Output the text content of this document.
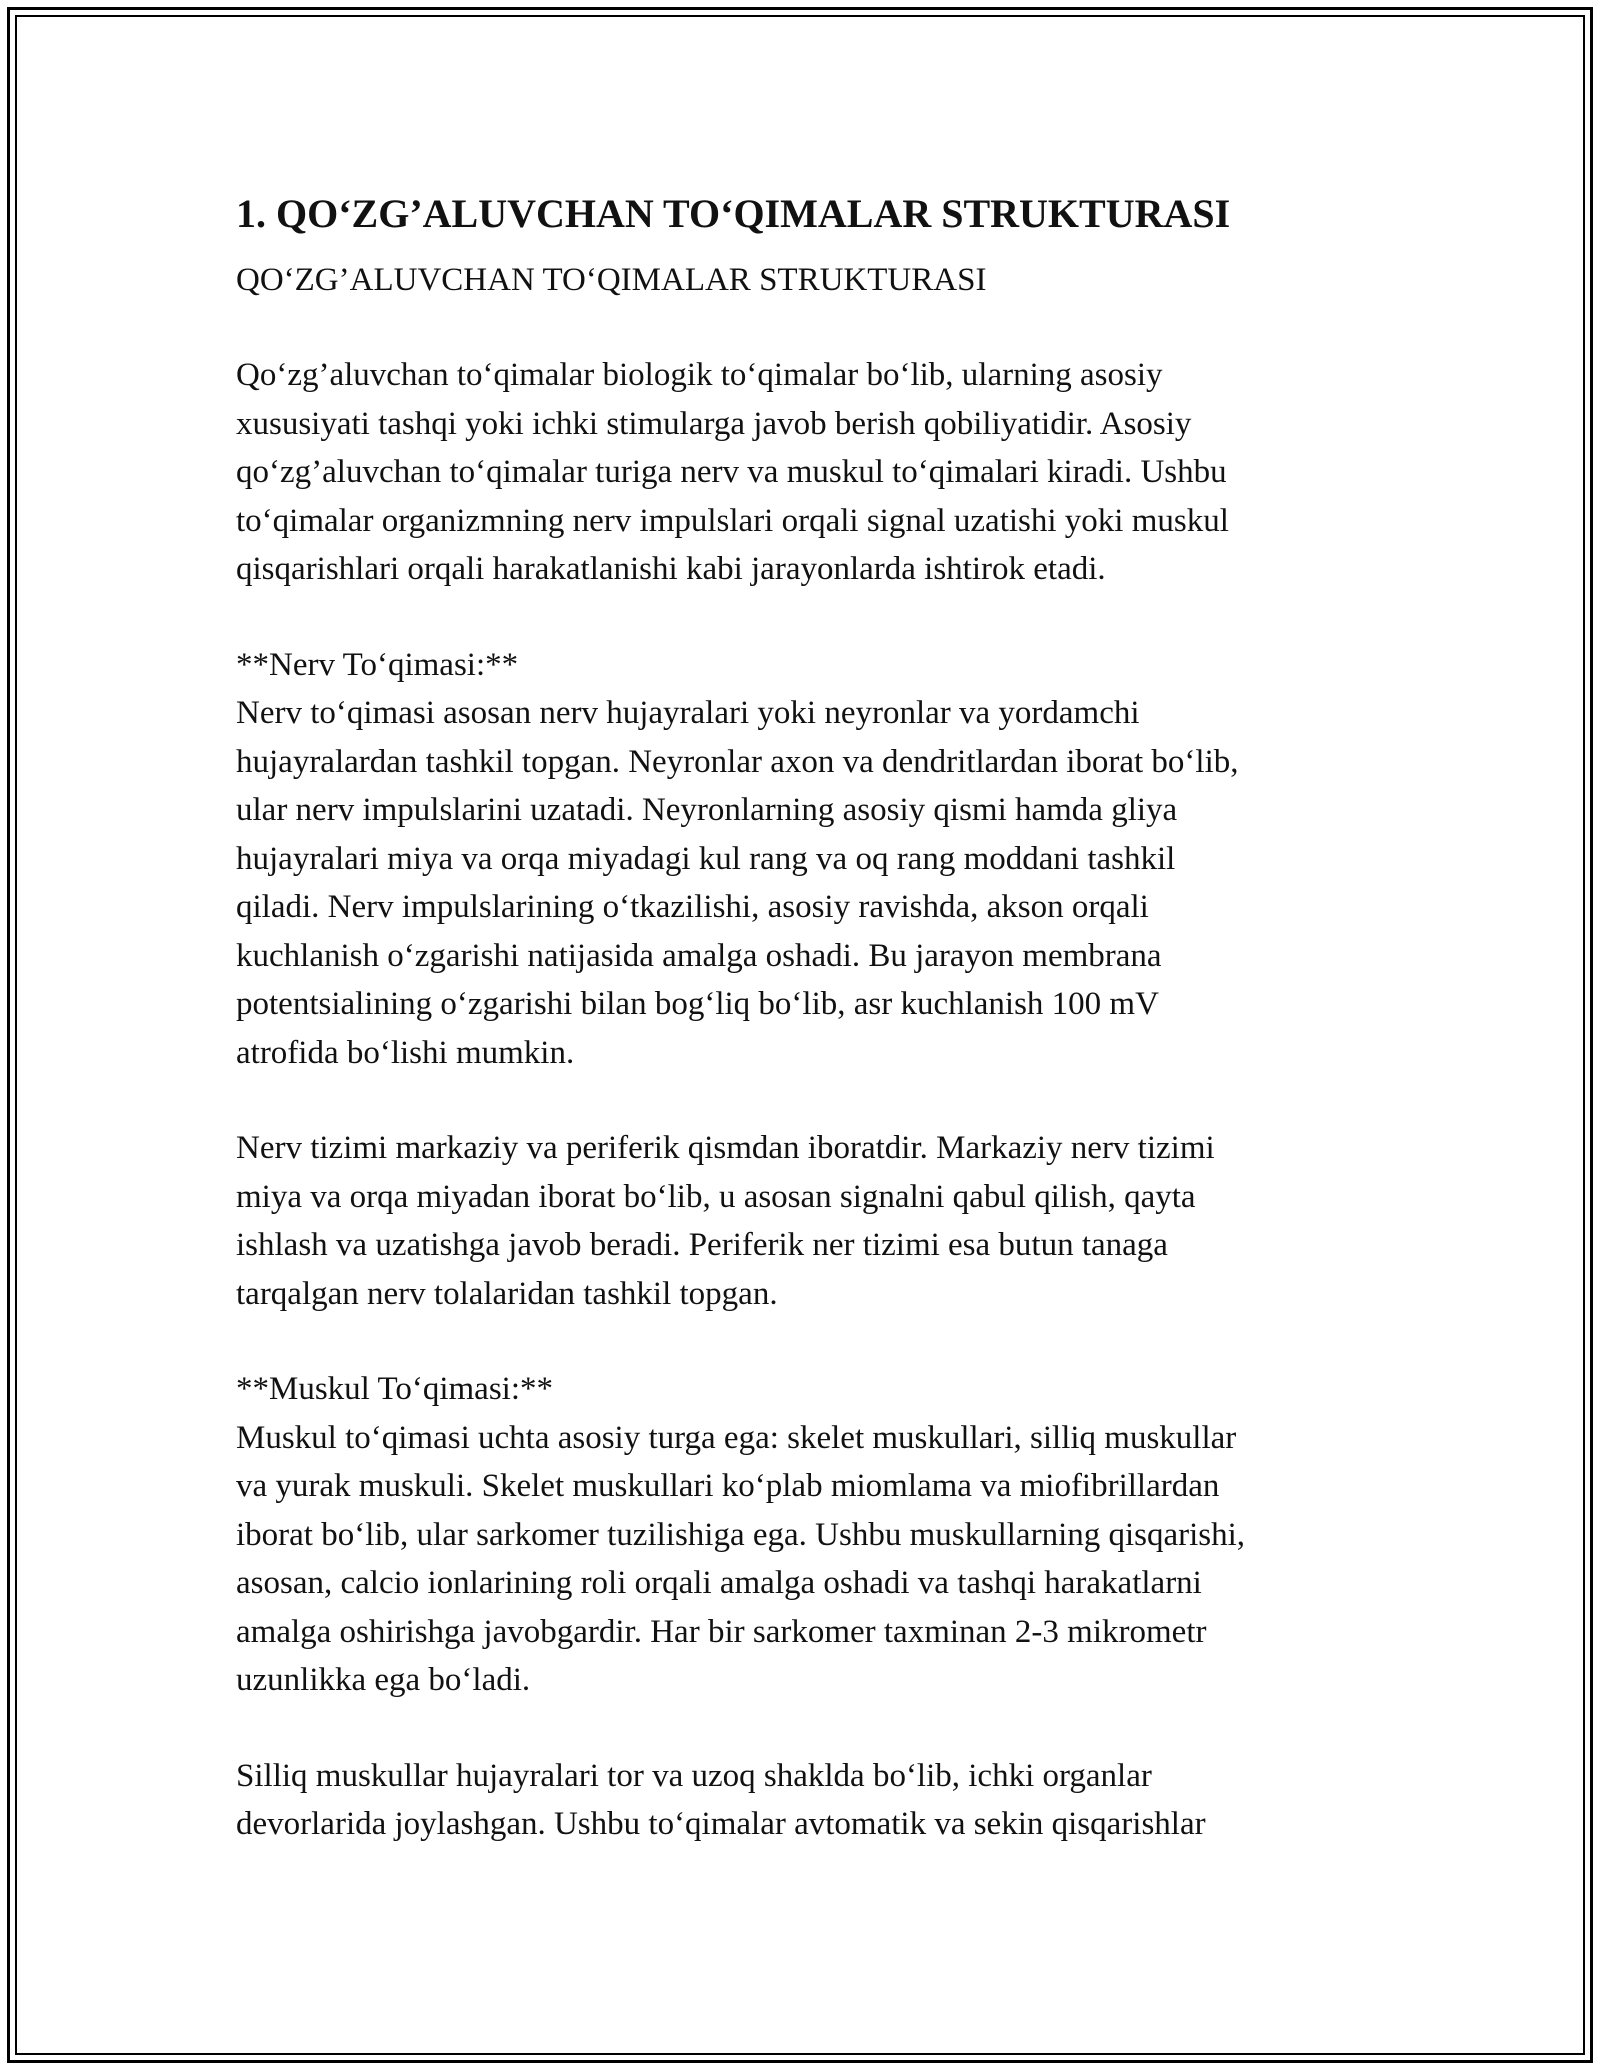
1. QO‘ZG’ALUVCHAN TO‘QIMALAR STRUKTURASI
QO‘ZG’ALUVCHAN TO‘QIMALAR STRUKTURASI
Qo‘zg’aluvchan to‘qimalar biologik to‘qimalar bo‘lib, ularning asosiy
xususiyati tashqi yoki ichki stimularga javob berish qobiliyatidir. Asosiy
qo‘zg’aluvchan to‘qimalar turiga nerv va muskul to‘qimalari kiradi. Ushbu
to‘qimalar organizmning nerv impulslari orqali signal uzatishi yoki muskul
qisqarishlari orqali harakatlanishi kabi jarayonlarda ishtirok etadi.
**Nerv To‘qimasi:**
Nerv to‘qimasi asosan nerv hujayralari yoki neyronlar va yordamchi
hujayralardan tashkil topgan. Neyronlar axon va dendritlardan iborat bo‘lib,
ular nerv impulslarini uzatadi. Neyronlarning asosiy qismi hamda gliya
hujayralari miya va orqa miyadagi kul rang va oq rang moddani tashkil
qiladi. Nerv impulslarining o‘tkazilishi, asosiy ravishda, akson orqali
kuchlanish o‘zgarishi natijasida amalga oshadi. Bu jarayon membrana
potentsialining o‘zgarishi bilan bog‘liq bo‘lib, asr kuchlanish 100 mV
atrofida bo‘lishi mumkin.
Nerv tizimi markaziy va periferik qismdan iboratdir. Markaziy nerv tizimi
miya va orqa miyadan iborat bo‘lib, u asosan signalni qabul qilish, qayta
ishlash va uzatishga javob beradi. Periferik ner tizimi esa butun tanaga
tarqalgan nerv tolalaridan tashkil topgan.
**Muskul To‘qimasi:**
Muskul to‘qimasi uchta asosiy turga ega: skelet muskullari, silliq muskullar
va yurak muskuli. Skelet muskullari ko‘plab miomlama va miofibrillardan
iborat bo‘lib, ular sarkomer tuzilishiga ega. Ushbu muskullarning qisqarishi,
asosan, calcio ionlarining roli orqali amalga oshadi va tashqi harakatlarni
amalga oshirishga javobgardir. Har bir sarkomer taxminan 2-3 mikrometr
uzunlikka ega bo‘ladi.
Silliq muskullar hujayralari tor va uzoq shakldа bo‘lib, ichki organlar
devorlarida joylashgan. Ushbu to‘qimalar avtomatik va sekin qisqarishlar
